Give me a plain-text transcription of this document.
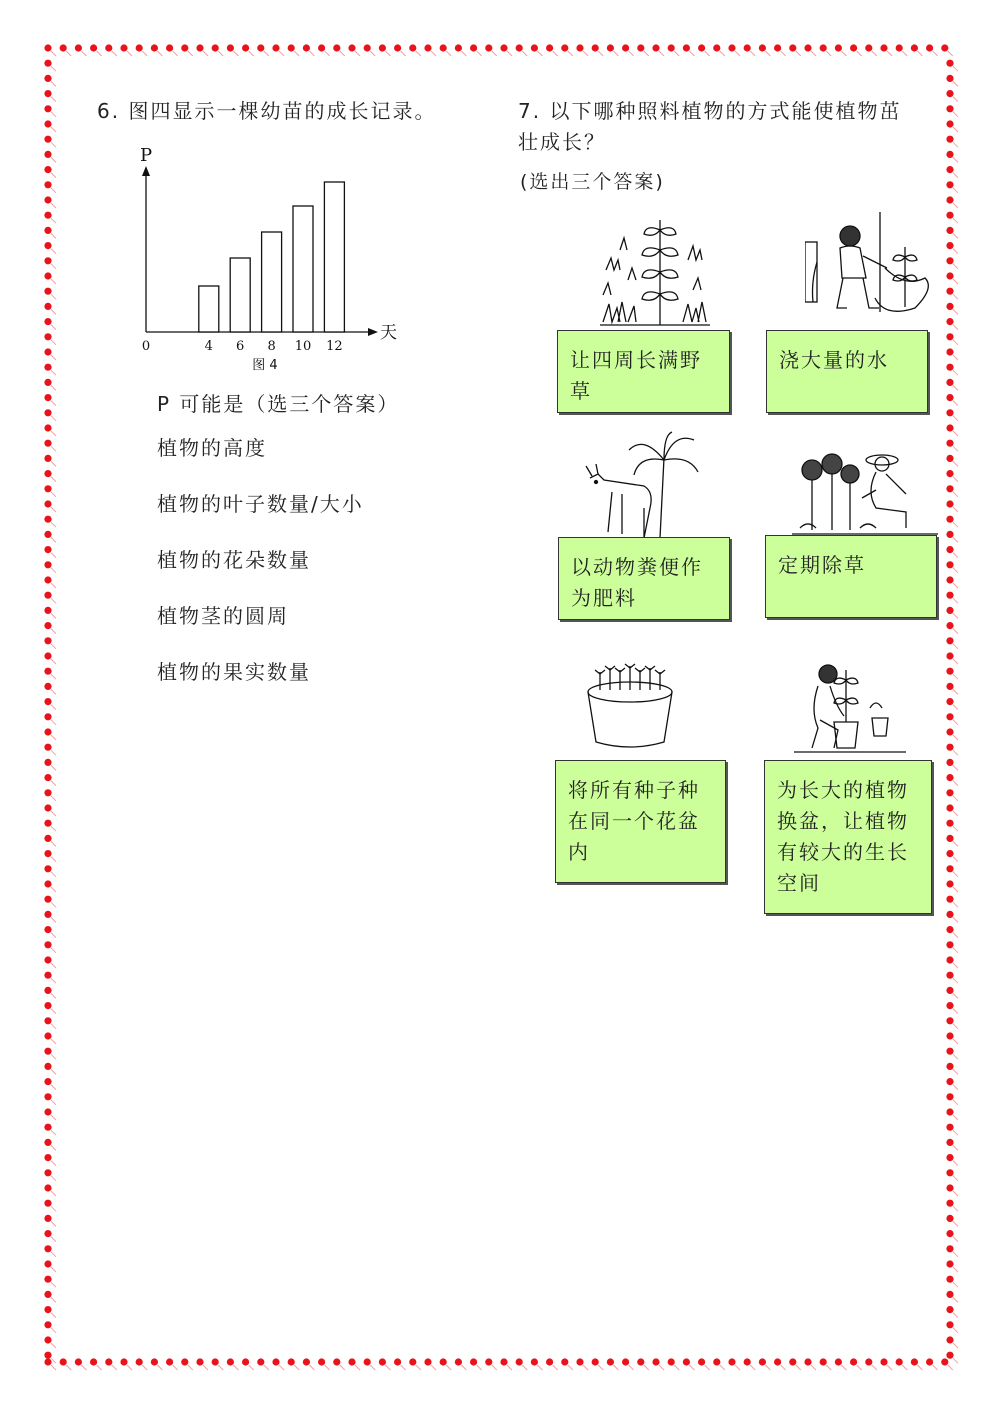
6. 图四显示一棵幼苗的成长记录。
P
天
0	4 6 8 10 12
图 4
P 可能是（选三个答案）
植物的高度
植物的叶子数量/大小
植物的花朵数量
植物茎的圆周
植物的果实数量
7. 以下哪种照料植物的方式能使植物茁壮成长？
(选出三个答案)
让四周长满野草
浇大量的水
以动物粪便作为肥料
定期除草
将所有种子种在同一个花盆内
为长大的植物换盆，让植物有较大的生长空间
